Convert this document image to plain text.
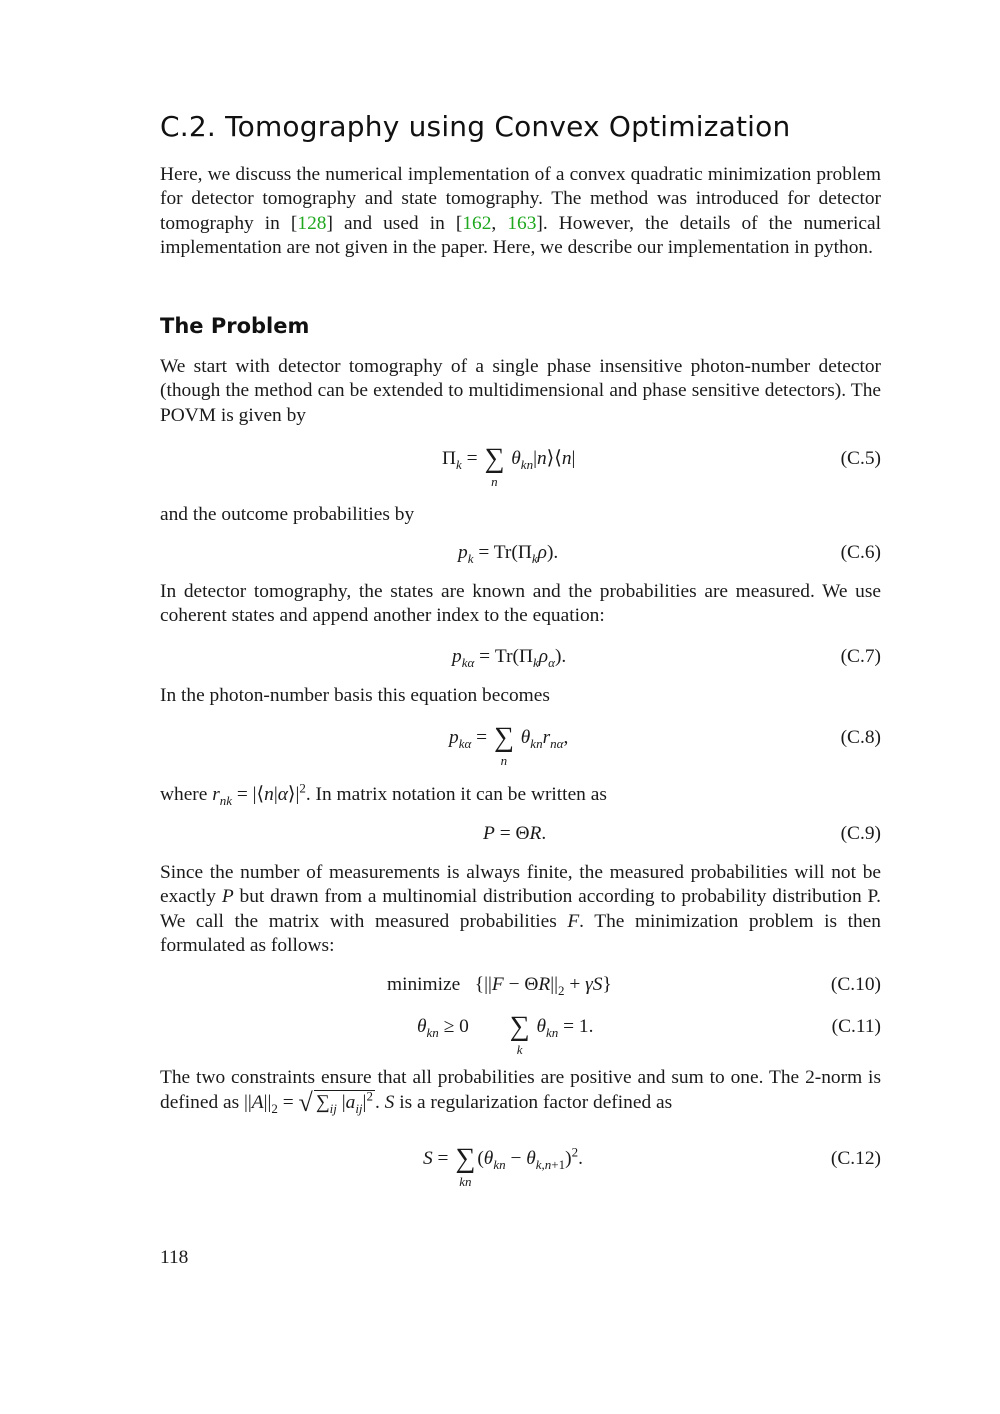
C.2. Tomography using Convex Optimization

Here, we discuss the numerical implementation of a convex quadratic minimization problem for detector tomography and state tomography. The method was introduced for detector tomography in [128] and used in [162, 163]. However, the details of the numerical implementation are not given in the paper. Here, we describe our implementation in python.

The Problem

We start with detector tomography of a single phase insensitive photon-number detector (though the method can be extended to multidimensional and phase sensitive detectors). The POVM is given by

$\Pi_k$ = ∑
n
$\theta_{kn}|n⟩⟨n|$	(C.5)

and the outcome probabilities by

$p_k = Tr(\Pi_k\rho)$.	(C.6)

In detector tomography, the states are known and the probabilities are measured. We use coherent states and append another index to the equation:

$p_{k\alpha} = Tr(\Pi_k\rho_\alpha)$.	(C.7)

In the photon-number basis this equation becomes

$p_{k\alpha}$ = ∑
n
$\theta_{kn}r_{n\alpha}$,	(C.8)

where $r_{nk}$ = $|⟨n|\alpha⟩|^2$. In matrix notation it can be written as

P = ΘR.	(C.9)

Since the number of measurements is always finite, the measured probabilities will not be exactly P but drawn from a multinomial distribution according to probability distribution P. We call the matrix with measured probabilities F. The minimization problem is then formulated as follows:

minimize   $\{||F - \Theta R||_2 + \gamma S\}$	(C.10)
$\theta_{kn} \ge 0$        ∑
k
$\theta_{kn} = 1$.	(C.11)

The two constraints ensure that all probabilities are positive and sum to one. The 2-norm is defined as $||A||_2$ = √ $\sum_{ij}$ $|a_{ij}|^2$ . S is a regularization factor defined as

S = ∑
kn
$(\theta_{kn} - \theta_{k,n+1})^2$.	(C.12)
118
